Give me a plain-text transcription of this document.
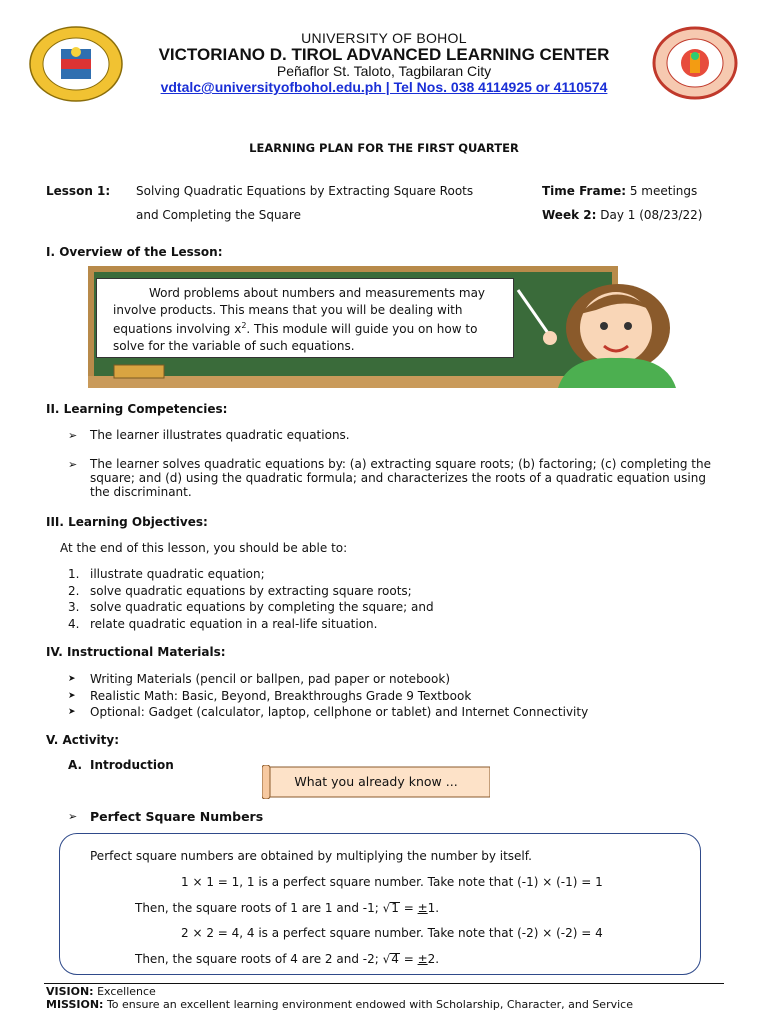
UNIVERSITY OF BOHOL
VICTORIANO D. TIROL ADVANCED LEARNING CENTER
Peñaflor St. Taloto, Tagbilaran City
vdtalc@universityofbohol.edu.ph | Tel Nos. 038 4114925 or 4110574
LEARNING PLAN FOR THE FIRST QUARTER
Lesson 1: Solving Quadratic Equations by Extracting Square Roots
and Completing the Square
Time Frame: 5 meetings
Week 2: Day 1 (08/23/22)
I. Overview of the Lesson:
Word problems about numbers and measurements may
involve products. This means that you will be dealing with
equations involving $x^2$. This module will guide you on how to
solve for the variable of such equations.
II. Learning Competencies:
➢ The learner illustrates quadratic equations.
➢ The learner solves quadratic equations by: (a) extracting square roots; (b) factoring; (c) completing the
square; and (d) using the quadratic formula; and characterizes the roots of a quadratic equation using
the discriminant.
III. Learning Objectives:
At the end of this lesson, you should be able to:
1. illustrate quadratic equation;
2. solve quadratic equations by extracting square roots;
3. solve quadratic equations by completing the square; and
4. relate quadratic equation in a real-life situation.
IV. Instructional Materials:
➤ Writing Materials (pencil or ballpen, pad paper or notebook)
➤ Realistic Math: Basic, Beyond, Breakthroughs Grade 9 Textbook
➤ Optional: Gadget (calculator, laptop, cellphone or tablet) and Internet Connectivity
V. Activity:
A. Introduction
What you already know ...
➢ Perfect Square Numbers
Perfect square numbers are obtained by multiplying the number by itself.
1 × 1 = 1, 1 is a perfect square number. Take note that (-1) × (-1) = 1
Then, the square roots of 1 are 1 and -1; √1 = ±1.
2 × 2 = 4, 4 is a perfect square number. Take note that (-2) × (-2) = 4
Then, the square roots of 4 are 2 and -2; √4 = ±2.
VISION: Excellence
MISSION: To ensure an excellent learning environment endowed with Scholarship, Character, and Service
